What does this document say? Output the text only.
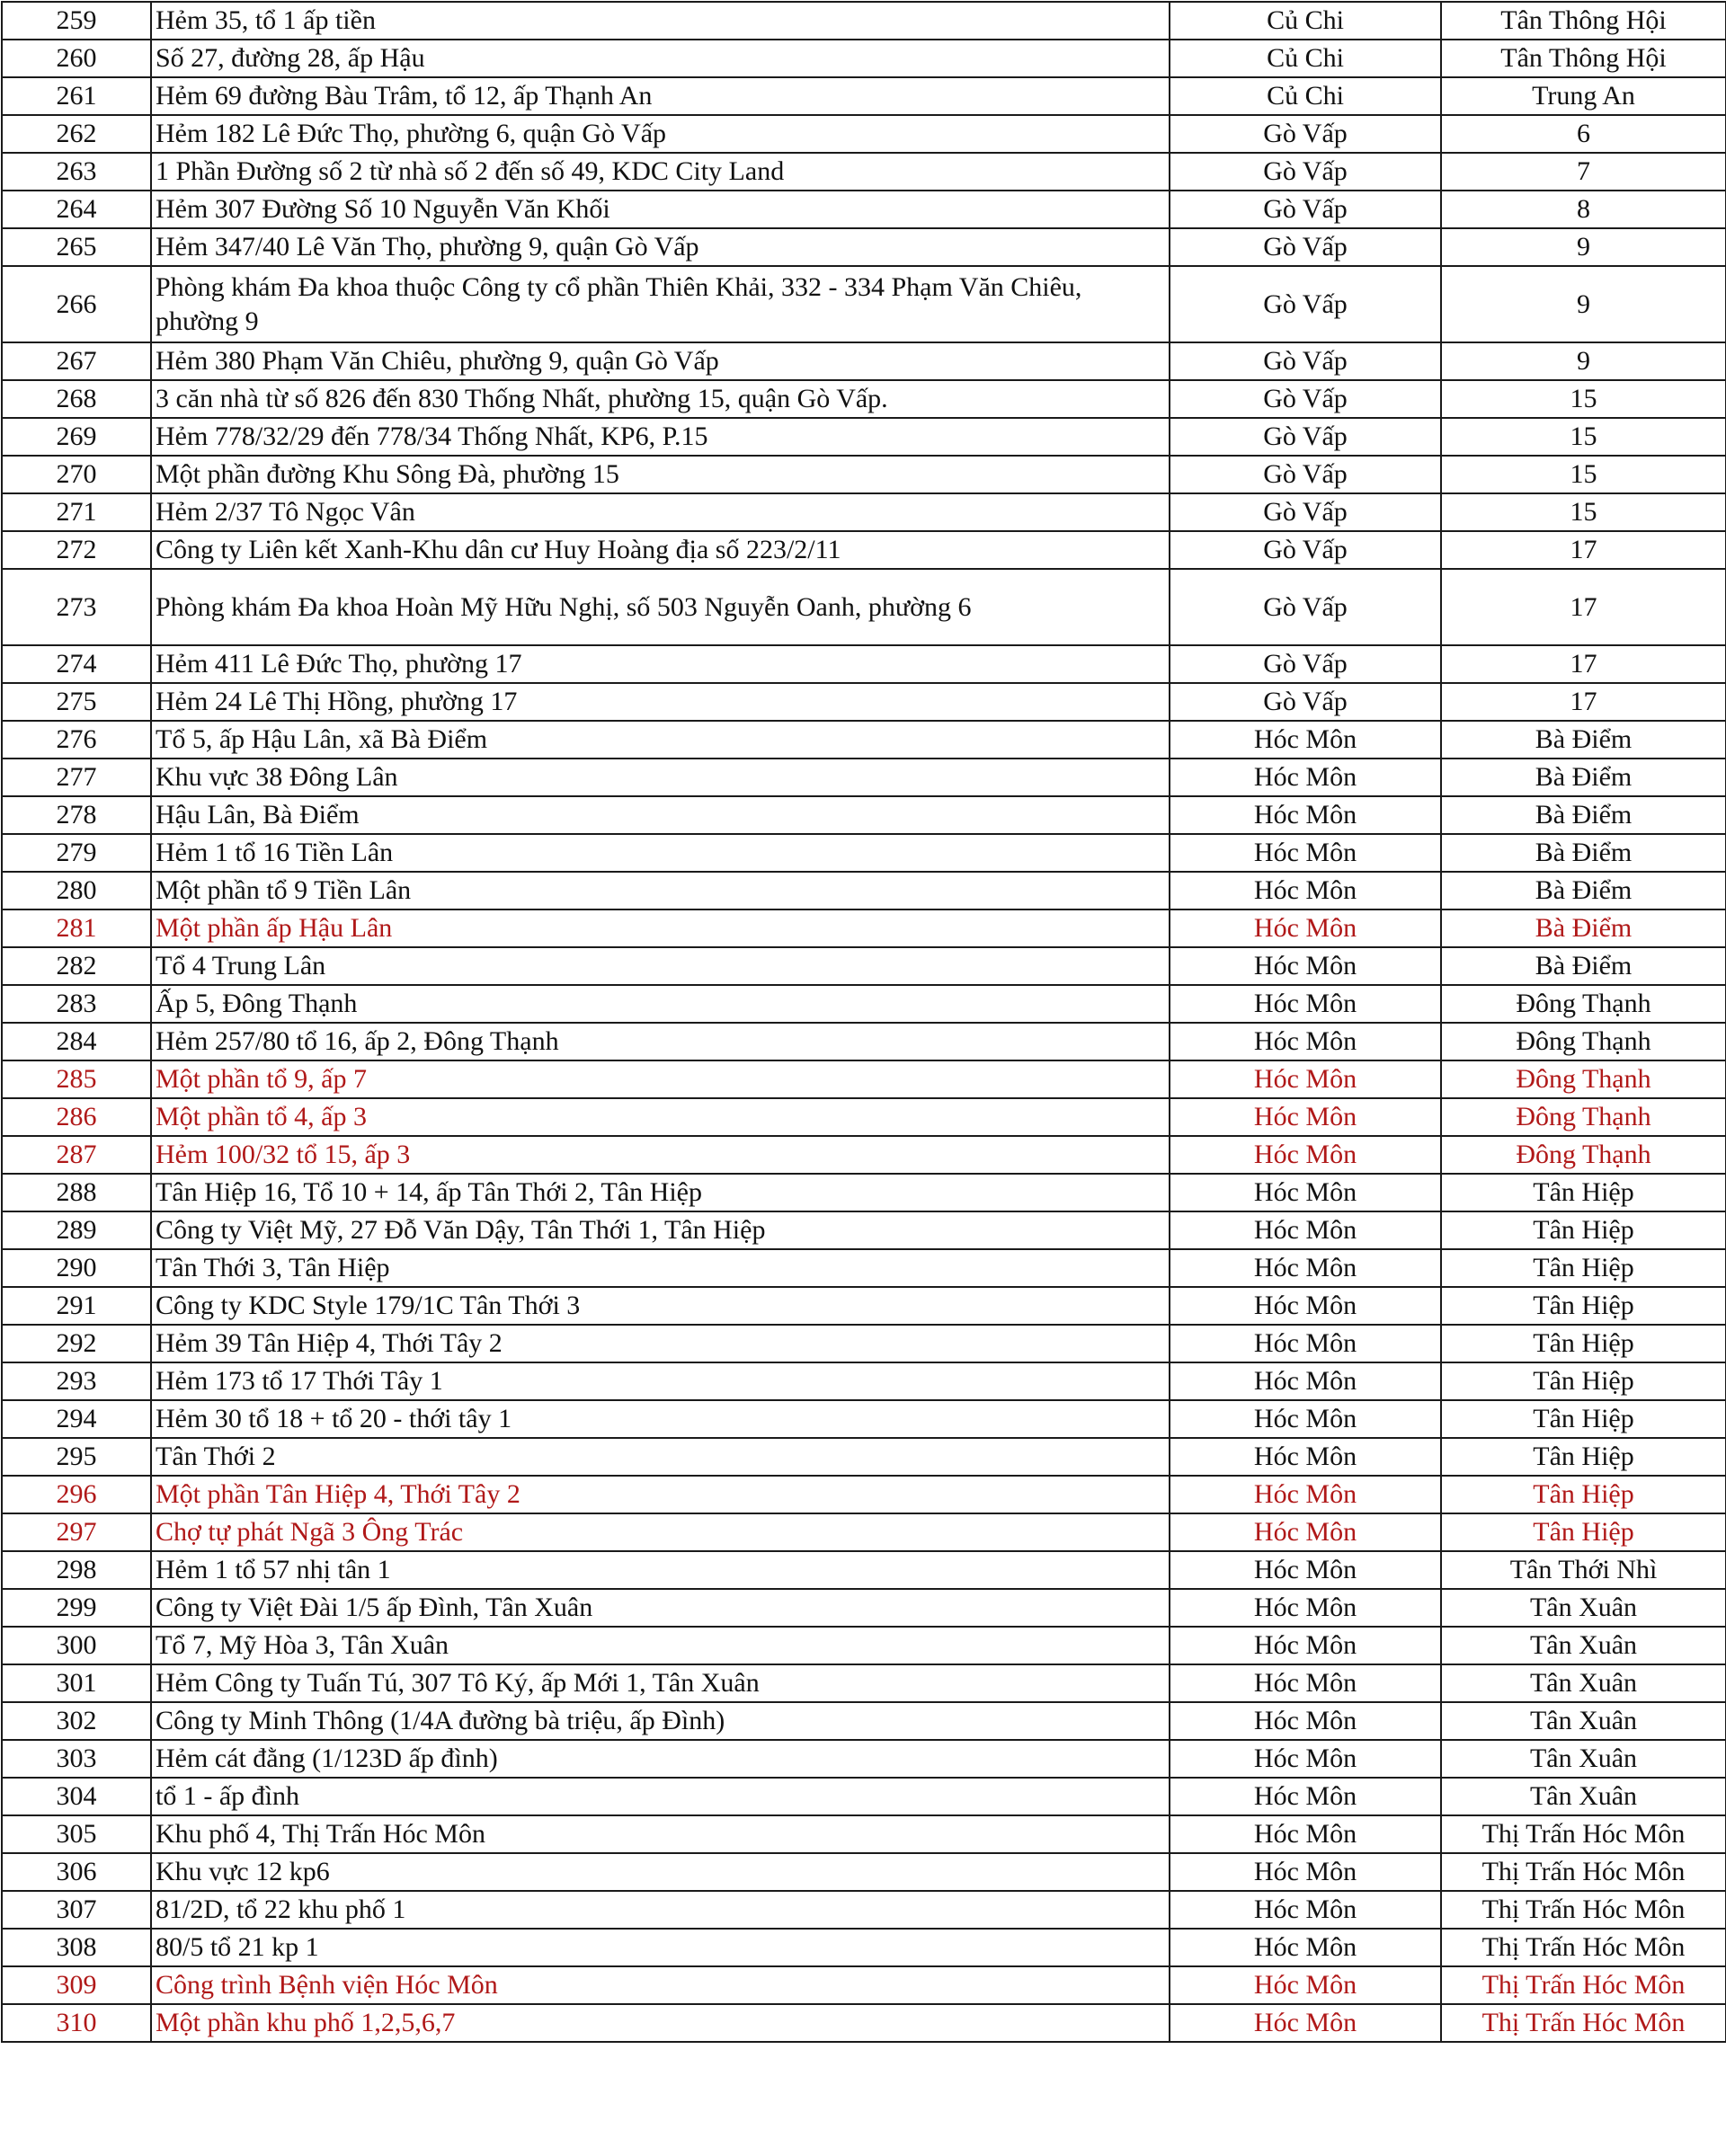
259	Hẻm 35, tổ 1 ấp tiền	Củ Chi	Tân Thông Hội
260	Số 27, đường 28, ấp Hậu	Củ Chi	Tân Thông Hội
261	Hẻm 69 đường Bàu Trâm, tổ 12, ấp Thạnh An	Củ Chi	Trung An
262	Hẻm 182 Lê Đức Thọ, phường 6, quận Gò Vấp	Gò Vấp	6
263	1 Phần Đường số 2 từ nhà số 2 đến số 49, KDC City Land	Gò Vấp	7
264	Hẻm 307 Đường Số 10 Nguyễn Văn Khối	Gò Vấp	8
265	Hẻm 347/40 Lê Văn Thọ, phường 9, quận Gò Vấp	Gò Vấp	9
266	Phòng khám Đa khoa thuộc Công ty cổ phần Thiên Khải, 332 - 334 Phạm Văn Chiêu, phường 9	Gò Vấp	9
267	Hẻm 380 Phạm Văn Chiêu, phường 9, quận Gò Vấp	Gò Vấp	9
268	3 căn nhà từ số 826 đến 830 Thống Nhất, phường 15, quận Gò Vấp.	Gò Vấp	15
269	Hẻm 778/32/29 đến 778/34 Thống Nhất, KP6, P.15	Gò Vấp	15
270	Một phần đường Khu Sông Đà, phường 15	Gò Vấp	15
271	Hẻm 2/37 Tô Ngọc Vân	Gò Vấp	15
272	Công ty Liên kết Xanh-Khu dân cư Huy Hoàng địa số 223/2/11	Gò Vấp	17
273	Phòng khám Đa khoa Hoàn Mỹ Hữu Nghị, số 503 Nguyễn Oanh, phường 6	Gò Vấp	17
274	Hẻm 411 Lê Đức Thọ, phường 17	Gò Vấp	17
275	Hẻm 24 Lê Thị Hồng, phường 17	Gò Vấp	17
276	Tổ 5, ấp Hậu Lân, xã Bà Điểm	Hóc Môn	Bà Điểm
277	Khu vực 38 Đông Lân	Hóc Môn	Bà Điểm
278	Hậu Lân, Bà Điểm	Hóc Môn	Bà Điểm
279	Hẻm 1 tổ 16 Tiền Lân	Hóc Môn	Bà Điểm
280	Một phần tổ 9 Tiền Lân	Hóc Môn	Bà Điểm
281	Một phần ấp Hậu Lân	Hóc Môn	Bà Điểm
282	Tổ 4 Trung Lân	Hóc Môn	Bà Điểm
283	Ấp 5, Đông Thạnh	Hóc Môn	Đông Thạnh
284	Hẻm 257/80 tổ 16, ấp 2, Đông Thạnh	Hóc Môn	Đông Thạnh
285	Một phần tổ 9, ấp 7	Hóc Môn	Đông Thạnh
286	Một phần tổ 4, ấp 3	Hóc Môn	Đông Thạnh
287	Hẻm 100/32 tổ 15, ấp 3	Hóc Môn	Đông Thạnh
288	Tân Hiệp 16, Tổ 10 + 14, ấp Tân Thới 2, Tân Hiệp	Hóc Môn	Tân Hiệp
289	Công ty Việt Mỹ, 27 Đỗ Văn Dậy, Tân Thới 1, Tân Hiệp	Hóc Môn	Tân Hiệp
290	Tân Thới 3, Tân Hiệp	Hóc Môn	Tân Hiệp
291	Công ty KDC Style 179/1C Tân Thới 3	Hóc Môn	Tân Hiệp
292	Hẻm 39 Tân Hiệp 4, Thới Tây 2	Hóc Môn	Tân Hiệp
293	Hẻm 173 tổ 17 Thới Tây 1	Hóc Môn	Tân Hiệp
294	Hẻm 30 tổ 18 + tổ 20 - thới tây 1	Hóc Môn	Tân Hiệp
295	Tân Thới 2	Hóc Môn	Tân Hiệp
296	Một phần Tân Hiệp 4, Thới Tây 2	Hóc Môn	Tân Hiệp
297	Chợ tự phát Ngã 3 Ông Trác	Hóc Môn	Tân Hiệp
298	Hẻm 1 tổ 57 nhị tân 1	Hóc Môn	Tân Thới Nhì
299	Công ty Việt Đài 1/5 ấp Đình, Tân Xuân	Hóc Môn	Tân Xuân
300	Tổ 7, Mỹ Hòa 3, Tân Xuân	Hóc Môn	Tân Xuân
301	Hẻm Công ty Tuấn Tú, 307 Tô Ký, ấp Mới 1, Tân Xuân	Hóc Môn	Tân Xuân
302	Công ty Minh Thông (1/4A đường bà triệu, ấp Đình)	Hóc Môn	Tân Xuân
303	Hẻm cát đằng (1/123D ấp đình)	Hóc Môn	Tân Xuân
304	tổ 1 - ấp đình	Hóc Môn	Tân Xuân
305	Khu phố 4, Thị Trấn Hóc Môn	Hóc Môn	Thị Trấn Hóc Môn
306	Khu vực 12 kp6	Hóc Môn	Thị Trấn Hóc Môn
307	81/2D, tổ 22 khu phố 1	Hóc Môn	Thị Trấn Hóc Môn
308	80/5 tổ 21 kp 1	Hóc Môn	Thị Trấn Hóc Môn
309	Công trình Bệnh viện Hóc Môn	Hóc Môn	Thị Trấn Hóc Môn
310	Một phần khu phố 1,2,5,6,7	Hóc Môn	Thị Trấn Hóc Môn
